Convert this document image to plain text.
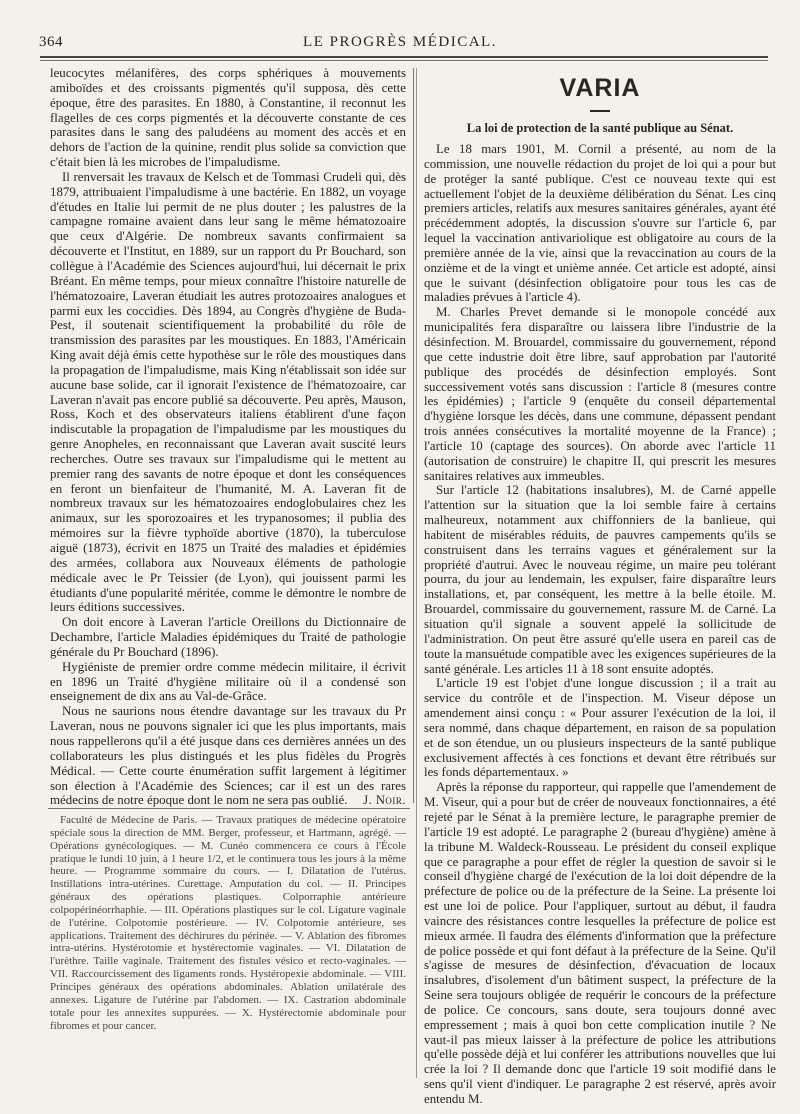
364	LE PROGRÈS MÉDICAL.

leucocytes mélanifères, des corps sphériques à mouvements amiboïdes et des croissants pigmentés qu'il supposa, dès cette époque, être des parasites. En 1880, à Constantine, il reconnut les flagelles de ces corps pigmentés et la découverte constante de ces parasites dans le sang des paludéens au moment des accès et en dehors de l'action de la quinine, rendit plus solide sa conviction que c'était bien là les microbes de l'impaludisme.

Il renversait les travaux de Kelsch et de Tommasi Crudeli qui, dès 1879, attribuaient l'impaludisme à une bactérie. En 1882, un voyage d'études en Italie lui permit de ne plus douter ; les palustres de la campagne romaine avaient dans leur sang le même hématozoaire que ceux d'Algérie. De nombreux savants confirmaient sa découverte et l'Institut, en 1889, sur un rapport du Pr Bouchard, son collègue à l'Académie des Sciences aujourd'hui, lui décernait le prix Bréant. En même temps, pour mieux connaître l'histoire naturelle de l'hématozoaire, Laveran étudiait les autres protozoaires analogues et parmi eux les coccidies. Dès 1894, au Congrès d'hygiène de Buda-Pest, il soutenait scientifiquement la probabilité du rôle de transmission des parasites par les moustiques. En 1883, l'Américain King avait déjà émis cette hypothèse sur le rôle des moustiques dans la propagation de l'impaludisme, mais King n'établissait son idée sur aucune base solide, car il ignorait l'existence de l'hématozoaire, car Laveran n'avait pas encore publié sa découverte. Peu après, Mauson, Ross, Koch et des observateurs italiens établirent d'une façon indiscutable la propagation de l'impaludisme par les moustiques du genre Anopheles, en reconnaissant que Laveran avait suscité leurs recherches. Outre ses travaux sur l'impaludisme qui le mettent au premier rang des savants de notre époque et dont les conséquences en feront un bienfaiteur de l'humanité, M. A. Laveran fit de nombreux travaux sur les hématozoaires endoglobulaires chez les animaux, sur les sporozoaires et les trypanosomes; il publia des mémoires sur la fièvre typhoïde abortive (1870), la tuberculose aiguë (1873), écrivit en 1875 un Traité des maladies et épidémies des armées, collabora aux Nouveaux éléments de pathologie médicale avec le Pr Teissier (de Lyon), qui jouissent parmi les étudiants d'une popularité méritée, comme le démontre le nombre de leurs éditions successives.

On doit encore à Laveran l'article Oreillons du Dictionnaire de Dechambre, l'article Maladies épidémiques du Traité de pathologie générale du Pr Bouchard (1896).

Hygiéniste de premier ordre comme médecin militaire, il écrivit en 1896 un Traité d'hygiène militaire où il a condensé son enseignement de dix ans au Val-de-Grâce.

Nous ne saurions nous étendre davantage sur les travaux du Pr Laveran, nous ne pouvons signaler ici que les plus importants, mais nous rappellerons qu'il a été jusque dans ces dernières années un des collaborateurs les plus distingués et les plus fidèles du Progrès Médical. — Cette courte énumération suffit largement à légitimer son élection à l'Académie des Sciences; car il est un des rares médecins de notre époque dont le nom ne sera pas oublié.	J. Noir.

Faculté de Médecine de Paris. — Travaux pratiques de médecine opératoire spéciale sous la direction de MM. Berger, professeur, et Hartmann, agrégé. — Opérations gynécologiques. — M. Cunéo commencera ce cours à l'École pratique le lundi 10 juin, à 1 heure 1/2, et le continuera tous les jours à la même heure. — Programme sommaire du cours. — I. Dilatation de l'utérus. Instillations intra-utérines. Curettage. Amputation du col. — II. Principes généraux des opérations plastiques. Colporraphie antérieure colpopérinéorrhaphie. — III. Opérations plastiques sur le col. Ligature vaginale de l'utérine. Colpotomie postérieure. — IV. Colpotomie antérieure, ses applications. Traitement des déchirures du périnée. — V. Ablation des fibromes intra-utérins. Hystérotomie et hystérectomie vaginales. — VI. Dilatation de l'urèthre. Taille vaginale. Traitement des fistules vésico et recto-vaginales. — VII. Raccourcissement des ligaments ronds. Hystéropexie abdominale. — VIII. Principes généraux des opérations abdominales. Ablation unilatérale des annexes. Ligature de l'utérine par l'abdomen. — IX. Castration abdominale totale pour les annexites suppurées. — X. Hystérectomie abdominale pour fibromes et pour cancer.

VARIA
La loi de protection de la santé publique au Sénat.

Le 18 mars 1901, M. Cornil a présenté, au nom de la commission, une nouvelle rédaction du projet de loi qui a pour but de protéger la santé publique. C'est ce nouveau texte qui est actuellement l'objet de la deuxième délibération du Sénat. Les cinq premiers articles, relatifs aux mesures sanitaires générales, ayant été précédemment adoptés, la discussion s'ouvre sur l'article 6, par lequel la vaccination antivariolique est obligatoire au cours de la première année de la vie, ainsi que la revaccination au cours de la onzième et de la vingt et unième année. Cet article est adopté, ainsi que le suivant (désinfection obligatoire pour tous les cas de maladies prévues à l'article 4).

M. Charles Prevet demande si le monopole concédé aux municipalités fera disparaître ou laissera libre l'industrie de la désinfection. M. Brouardel, commissaire du gouvernement, répond que cette industrie doit être libre, sauf approbation par l'autorité publique des procédés de désinfection employés. Sont successivement votés sans discussion : l'article 8 (mesures contre les épidémies) ; l'article 9 (enquête du conseil départemental d'hygiène lorsque les décès, dans une commune, dépassent pendant trois années consécutives la mortalité moyenne de la France) ; l'article 10 (captage des sources). On aborde avec l'article 11 (autorisation de construire) le chapitre II, qui prescrit les mesures sanitaires relatives aux immeubles.

Sur l'article 12 (habitations insalubres), M. de Carné appelle l'attention sur la situation que la loi semble faire à certains malheureux, notamment aux chiffonniers de la banlieue, qui habitent de misérables réduits, de pauvres campements qu'ils se construisent dans les terrains vagues et généralement sur la propriété d'autrui. Avec le nouveau régime, un maire peu tolérant pourra, du jour au lendemain, les expulser, faire disparaître leurs installations, et, par conséquent, les mettre à la belle étoile. M. Brouardel, commissaire du gouvernement, rassure M. de Carné. La situation qu'il signale a souvent appelé la sollicitude de l'administration. On peut être assuré qu'elle usera en pareil cas de toute la mansuétude compatible avec les exigences supérieures de la santé générale. Les articles 11 à 18 sont ensuite adoptés.

L'article 19 est l'objet d'une longue discussion ; il a trait au service du contrôle et de l'inspection. M. Viseur dépose un amendement ainsi conçu : « Pour assurer l'exécution de la loi, il sera nommé, dans chaque département, en raison de sa population et de son étendue, un ou plusieurs inspecteurs de la santé publique exclusivement affectés à ces fonctions et devant être rétribués sur les fonds départementaux. »

Après la réponse du rapporteur, qui rappelle que l'amendement de M. Viseur, qui a pour but de créer de nouveaux fonctionnaires, a été rejeté par le Sénat à la première lecture, le paragraphe premier de l'article 19 est adopté. Le paragraphe 2 (bureau d'hygiène) amène à la tribune M. Waldeck-Rousseau. Le président du conseil explique que ce paragraphe a pour effet de régler la question de savoir si le conseil d'hygiène chargé de l'exécution de la loi doit dépendre de la préfecture de police ou de la préfecture de la Seine. La présente loi est une loi de police. Pour l'appliquer, surtout au début, il faudra vaincre des résistances contre lesquelles la préfecture de police est mieux armée. Il faudra des éléments d'information que la préfecture de police possède et qui font défaut à la préfecture de la Seine. Qu'il s'agisse de mesures de désinfection, d'évacuation de locaux insalubres, d'isolement d'un bâtiment suspect, la préfecture de la Seine sera toujours obligée de requérir le concours de la préfecture de police. Ce concours, sans doute, sera toujours donné avec empressement ; mais à quoi bon cette complication inutile ? Ne vaut-il pas mieux laisser à la préfecture de police les attributions qu'elle possède déjà et lui conférer les attributions nouvelles que lui crée la loi ? Il demande donc que l'article 19 soit modifié dans le sens qu'il vient d'indiquer. Le paragraphe 2 est réservé, après avoir entendu M.
